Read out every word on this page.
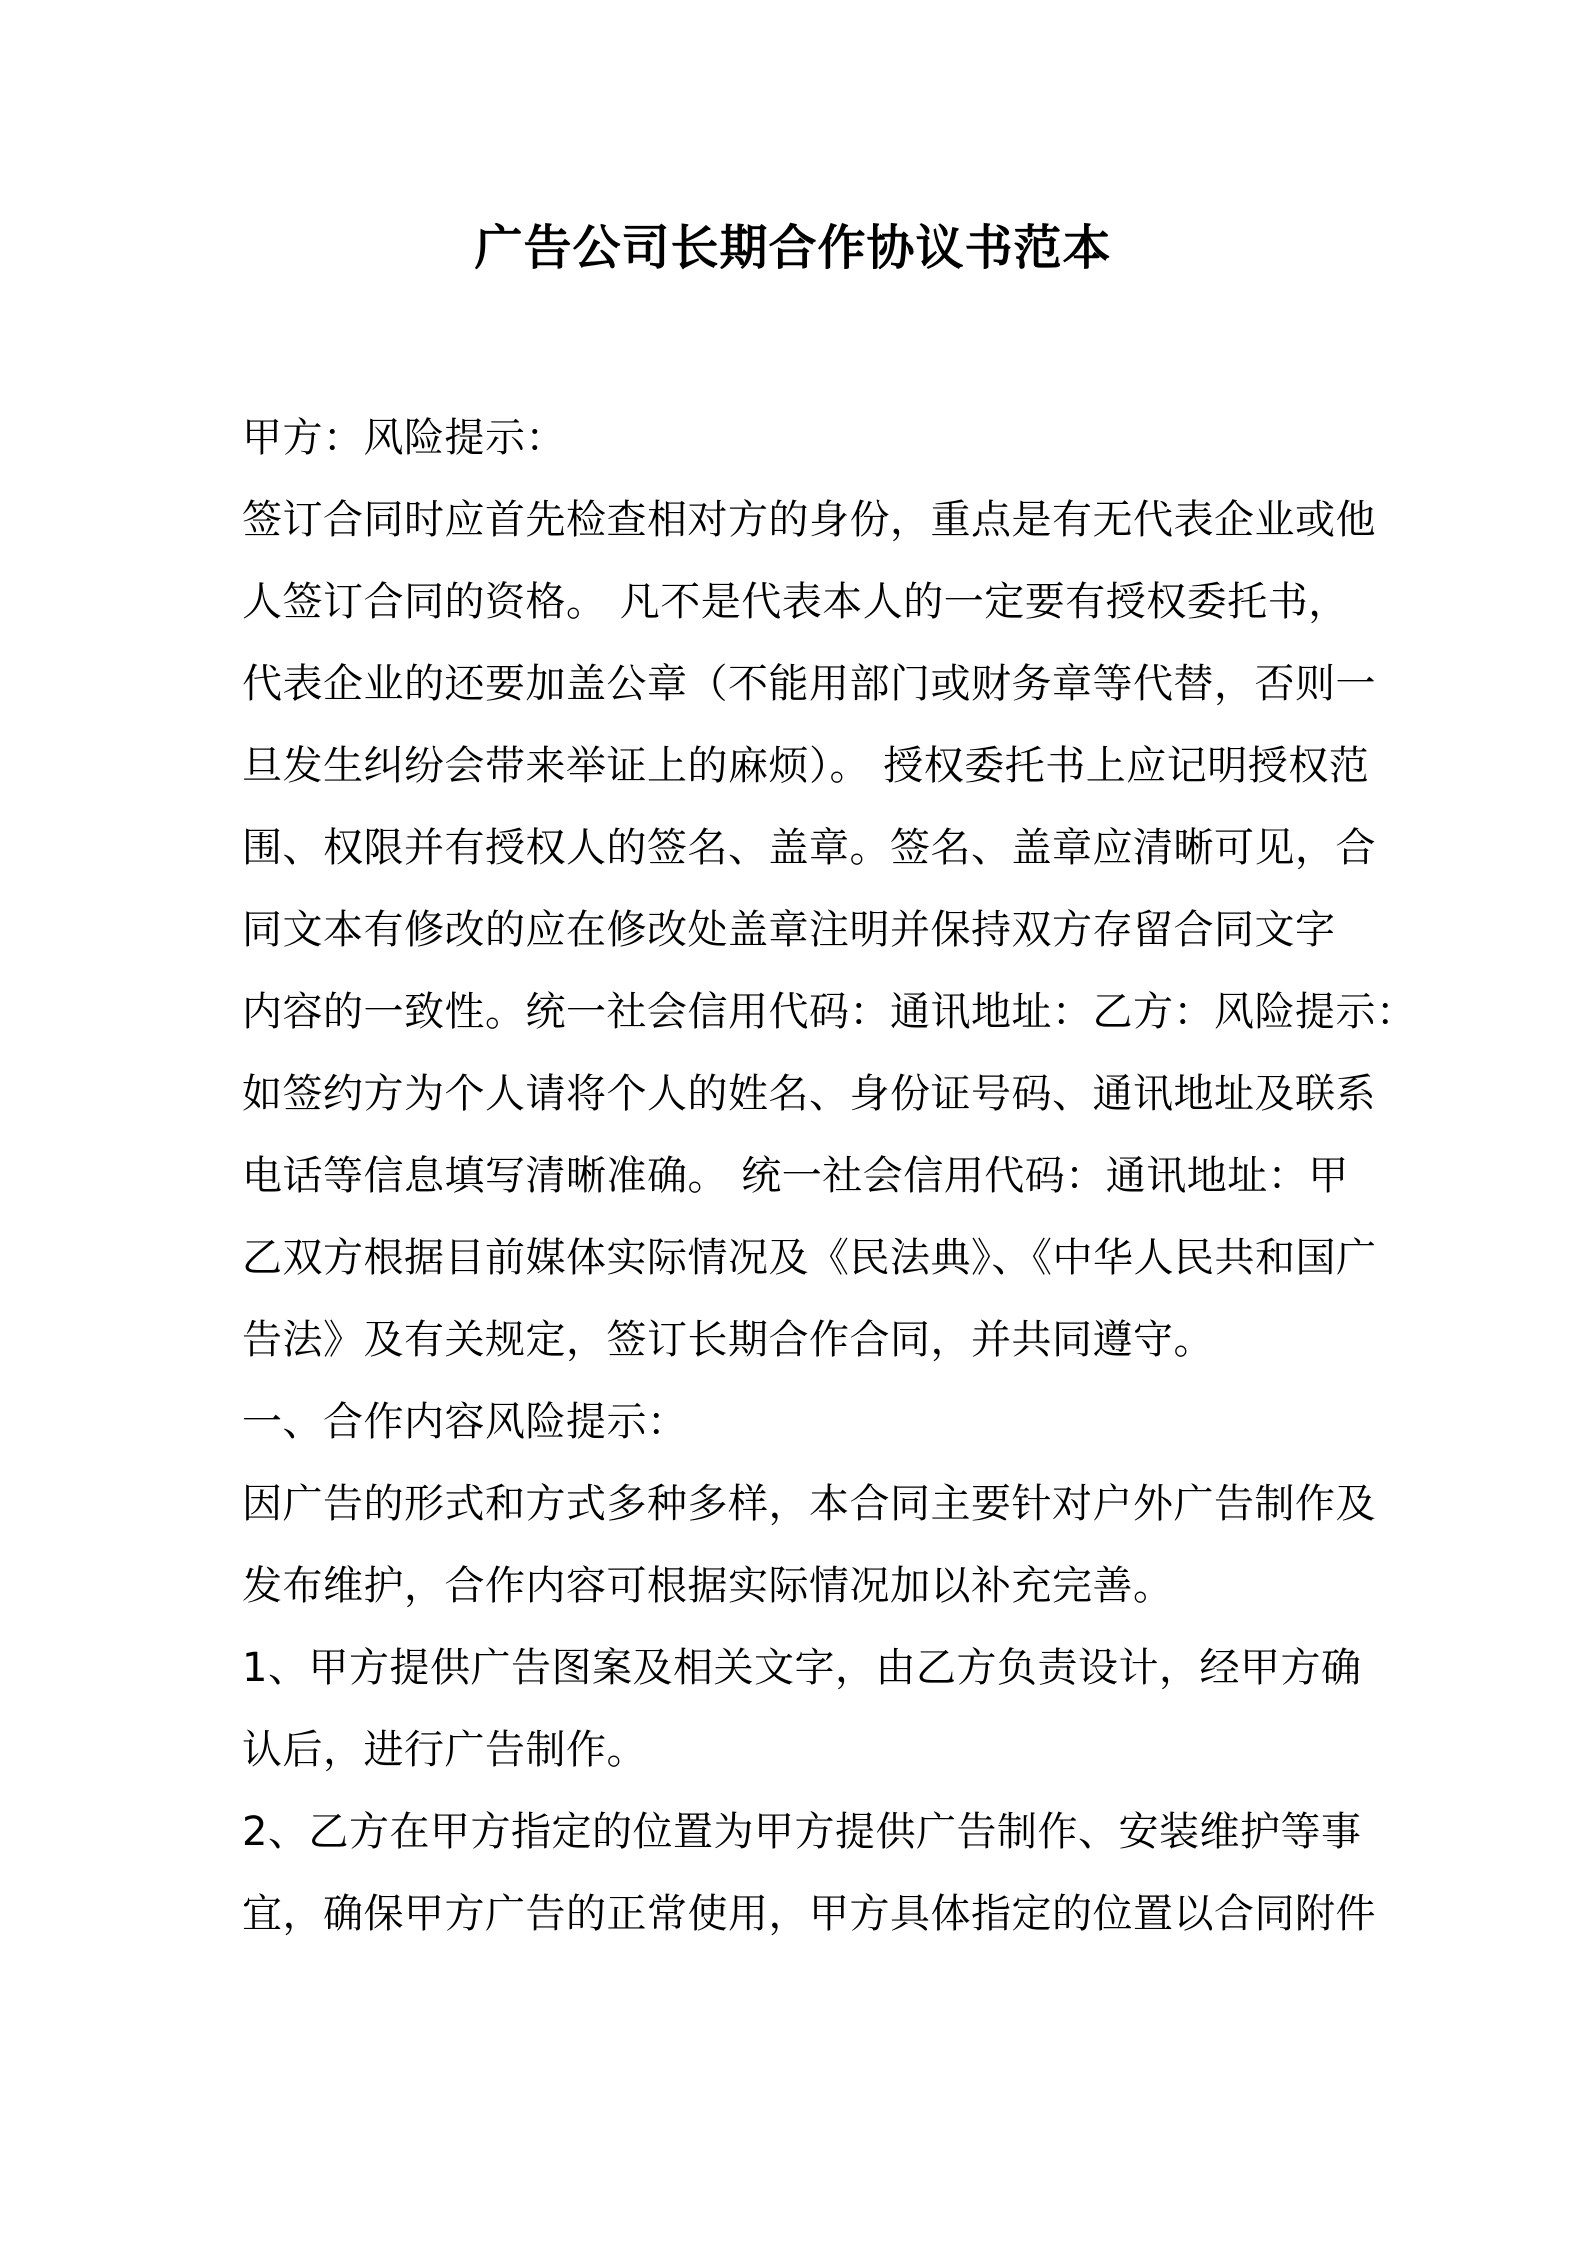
广告公司长期合作协议书范本

甲方：风险提示：

签订合同时应首先检查相对方的身份，重点是有无代表企业或他

人签订合同的资格。 凡不是代表本人的一定要有授权委托书，

代表企业的还要加盖公章（不能用部门或财务章等代替，否则一

旦发生纠纷会带来举证上的麻烦）。 授权委托书上应记明授权范

围、权限并有授权人的签名、盖章。签名、盖章应清晰可见，合

同文本有修改的应在修改处盖章注明并保持双方存留合同文字

内容的一致性。统一社会信用代码：通讯地址：乙方：风险提示：

如签约方为个人请将个人的姓名、身份证号码、通讯地址及联系

电话等信息填写清晰准确。 统一社会信用代码：通讯地址：甲

乙双方根据目前媒体实际情况及《民法典》、《中华人民共和国广

告法》及有关规定，签订长期合作合同，并共同遵守。

一、合作内容风险提示：

因广告的形式和方式多种多样，本合同主要针对户外广告制作及

发布维护，合作内容可根据实际情况加以补充完善。

1、甲方提供广告图案及相关文字，由乙方负责设计，经甲方确

认后，进行广告制作。

2、乙方在甲方指定的位置为甲方提供广告制作、安装维护等事

宜，确保甲方广告的正常使用，甲方具体指定的位置以合同附件
